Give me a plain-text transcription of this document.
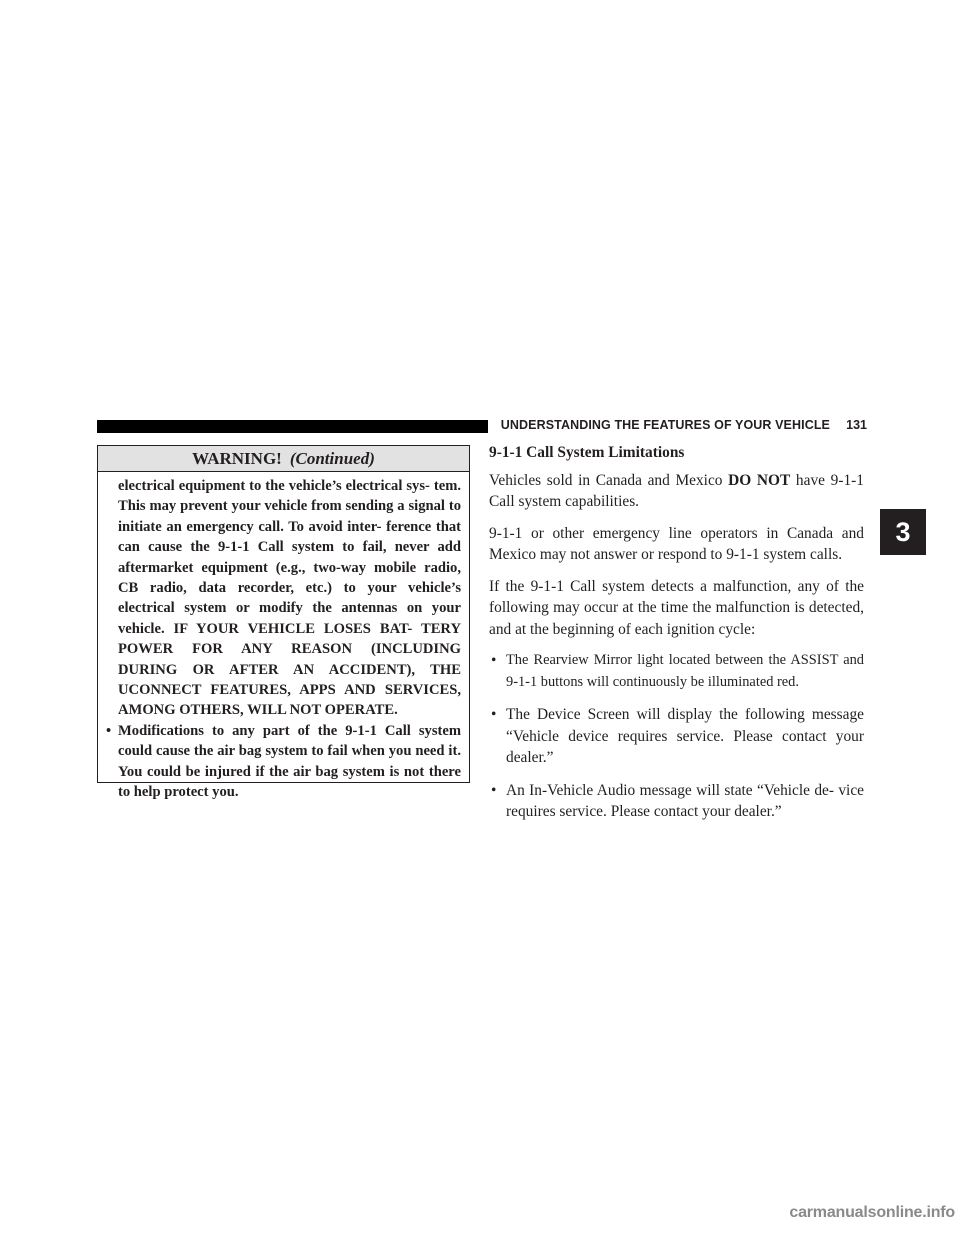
UNDERSTANDING THE FEATURES OF YOUR VEHICLE	131
3
WARNING! (Continued)

electrical equipment to the vehicle’s electrical sys- tem. This may prevent your vehicle from sending a signal to initiate an emergency call. To avoid inter- ference that can cause the 9-1-1 Call system to fail, never add aftermarket equipment (e.g., two-way mobile radio, CB radio, data recorder, etc.) to your vehicle’s electrical system or modify the antennas on your vehicle. IF YOUR VEHICLE LOSES BAT- TERY POWER FOR ANY REASON (INCLUDING DURING OR AFTER AN ACCIDENT), THE UCONNECT FEATURES, APPS AND SERVICES, AMONG OTHERS, WILL NOT OPERATE.

• Modifications to any part of the 9-1-1 Call system could cause the air bag system to fail when you need it. You could be injured if the air bag system is not there to help protect you.
9-1-1 Call System Limitations

Vehicles sold in Canada and Mexico DO NOT have 9-1-1 Call system capabilities.

9-1-1 or other emergency line operators in Canada and Mexico may not answer or respond to 9-1-1 system calls.

If the 9-1-1 Call system detects a malfunction, any of the following may occur at the time the malfunction is detected, and at the beginning of each ignition cycle:

• The Rearview Mirror light located between the ASSIST and 9-1-1 buttons will continuously be illuminated red.
• The Device Screen will display the following message “Vehicle device requires service. Please contact your dealer.”
• An In-Vehicle Audio message will state “Vehicle de- vice requires service. Please contact your dealer.”
carmanualsonline.info
